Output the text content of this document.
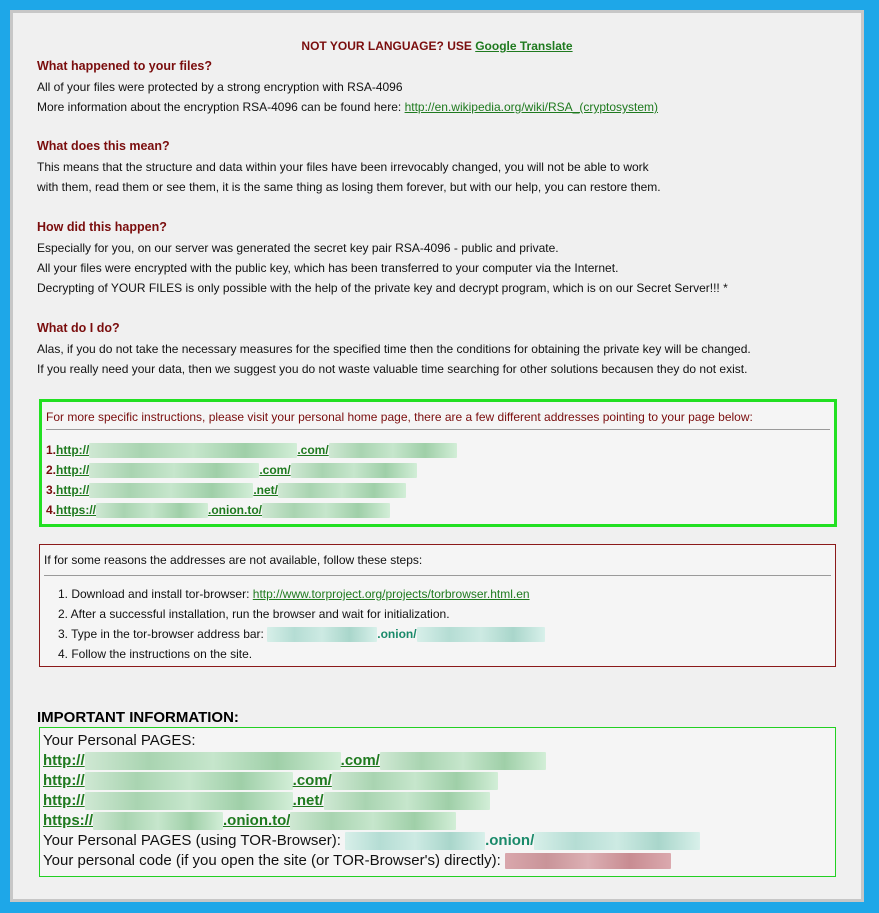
NOT YOUR LANGUAGE? USE Google Translate
What happened to your files?
All of your files were protected by a strong encryption with RSA-4096
More information about the encryption RSA-4096 can be found here: http://en.wikipedia.org/wiki/RSA_(cryptosystem)
What does this mean?
This means that the structure and data within your files have been irrevocably changed, you will not be able to work
with them, read them or see them, it is the same thing as losing them forever, but with our help, you can restore them.
How did this happen?
Especially for you, on our server was generated the secret key pair RSA-4096 - public and private.
All your files were encrypted with the public key, which has been transferred to your computer via the Internet.
Decrypting of YOUR FILES is only possible with the help of the private key and decrypt program, which is on our Secret Server!!! *
What do I do?
Alas, if you do not take the necessary measures for the specified time then the conditions for obtaining the private key will be changed.
If you really need your data, then we suggest you do not waste valuable time searching for other solutions becausen they do not exist.
For more specific instructions, please visit your personal home page, there are a few different addresses pointing to your page below:
1.http://	.com/
2.http://	.com/
3.http://	.net/
4.https://	.onion.to/
If for some reasons the addresses are not available, follow these steps:
1. Download and install tor-browser: http://www.torproject.org/projects/torbrowser.html.en
2. After a successful installation, run the browser and wait for initialization.
3. Type in the tor-browser address bar:	.onion/
4. Follow the instructions on the site.
IMPORTANT INFORMATION:
Your Personal PAGES:
http://	.com/
http://	.com/
http://	.net/
https://	.onion.to/
Your Personal PAGES (using TOR-Browser):	.onion/
Your personal code (if you open the site (or TOR-Browser's) directly):
